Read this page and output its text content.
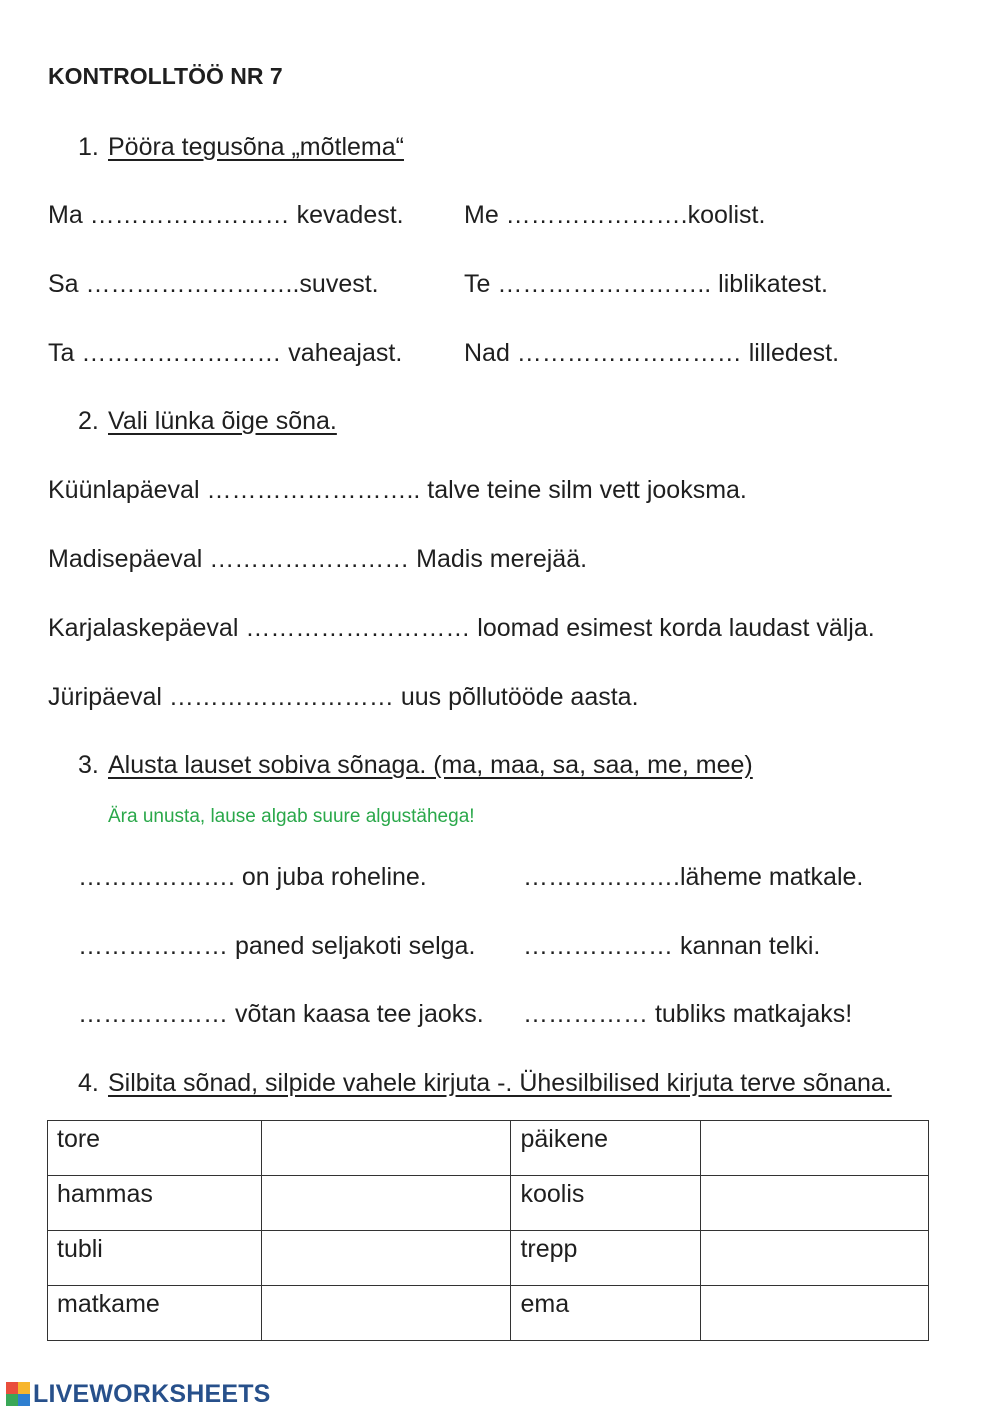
KONTROLLTÖÖ NR 7
1. Pööra tegusõna „mõtlema“
Ma …………………… kevadest. Me ………………….koolist.
Sa ……………………..suvest.	Te …………………….. liblikatest.
Ta …………………… vaheajast. Nad ……………………… lilledest.
2. Vali lünka õige sõna.
Küünlapäeval …………………….. talve teine silm vett jooksma.
Madisepäeval …………………… Madis merejää.
Karjalaskepäeval ……………………… loomad esimest korda laudast välja.
Jüripäeval ……………………… uus põllutööde aasta.
3. Alusta lauset sobiva sõnaga. (ma, maa, sa, saa, me, mee)
Ära unusta, lause algab suure algustähega!
………………. on juba roheline.	……………….läheme matkale.
……………… paned seljakoti selga. ……………… kannan telki.
……………… võtan kaasa tee jaoks. …………… tubliks matkajaks!
4. Silbita sõnad, silpide vahele kirjuta -. Ühesilbilised kirjuta terve sõnana.
tore		päikene	

hammas		koolis	

tubli		trepp	

matkame		ema	

LIVEWORKSHEETS
